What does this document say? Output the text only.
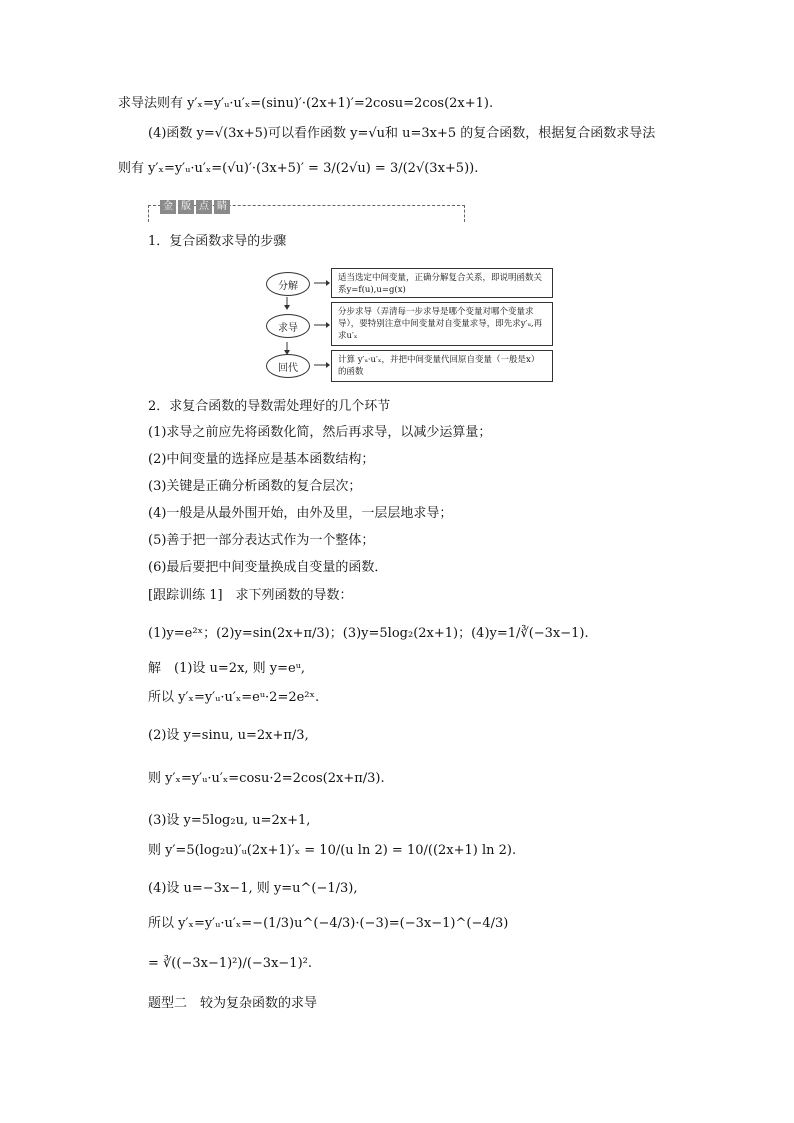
求导法则有 y′ₓ=y′ᵤ·u′ₓ=(sinu)′·(2x+1)′=2cosu=2cos(2x+1).
(4)函数 y=√(3x+5)可以看作函数 y=√u和 u=3x+5 的复合函数，根据复合函数求导法
则有 y′ₓ=y′ᵤ·u′ₓ=(√u)′·(3x+5)′ = 3/(2√u) = 3/(2√(3x+5)).
金 版 点 睛
1．复合函数求导的步骤
分解
求导
回代
适当选定中间变量，正确分解复合关系，即说明函数关系y=f(u),u=g(x)
分步求导（弄清每一步求导是哪个变量对哪个变量求导），要特别注意中间变量对自变量求导，即先求y′ᵤ,再求u′ₓ
计算 y′ᵤ·u′ₓ，并把中间变量代回原自变量（一般是x）的函数
2．求复合函数的导数需处理好的几个环节
(1)求导之前应先将函数化简，然后再求导，以减少运算量；
(2)中间变量的选择应是基本函数结构；
(3)关键是正确分析函数的复合层次；
(4)一般是从最外围开始，由外及里，一层层地求导；
(5)善于把一部分表达式作为一个整体；
(6)最后要把中间变量换成自变量的函数．
[跟踪训练 1]　求下列函数的导数：
(1)y=e²ˣ；(2)y=sin(2x+π/3)；(3)y=5log₂(2x+1)；(4)y=1/∛(−3x−1).
解　(1)设 u=2x, 则 y=eᵘ,
所以 y′ₓ=y′ᵤ·u′ₓ=eᵘ·2=2e²ˣ.
(2)设 y=sinu, u=2x+π/3,
则 y′ₓ=y′ᵤ·u′ₓ=cosu·2=2cos(2x+π/3).
(3)设 y=5log₂u, u=2x+1,
则 y′=5(log₂u)′ᵤ(2x+1)′ₓ = 10/(u ln 2) = 10/((2x+1) ln 2).
(4)设 u=−3x−1, 则 y=u^(−1/3),
所以 y′ₓ=y′ᵤ·u′ₓ=−(1/3)u^(−4/3)·(−3)=(−3x−1)^(−4/3)
= ∛((−3x−1)²)/(−3x−1)².
题型二　较为复杂函数的求导
